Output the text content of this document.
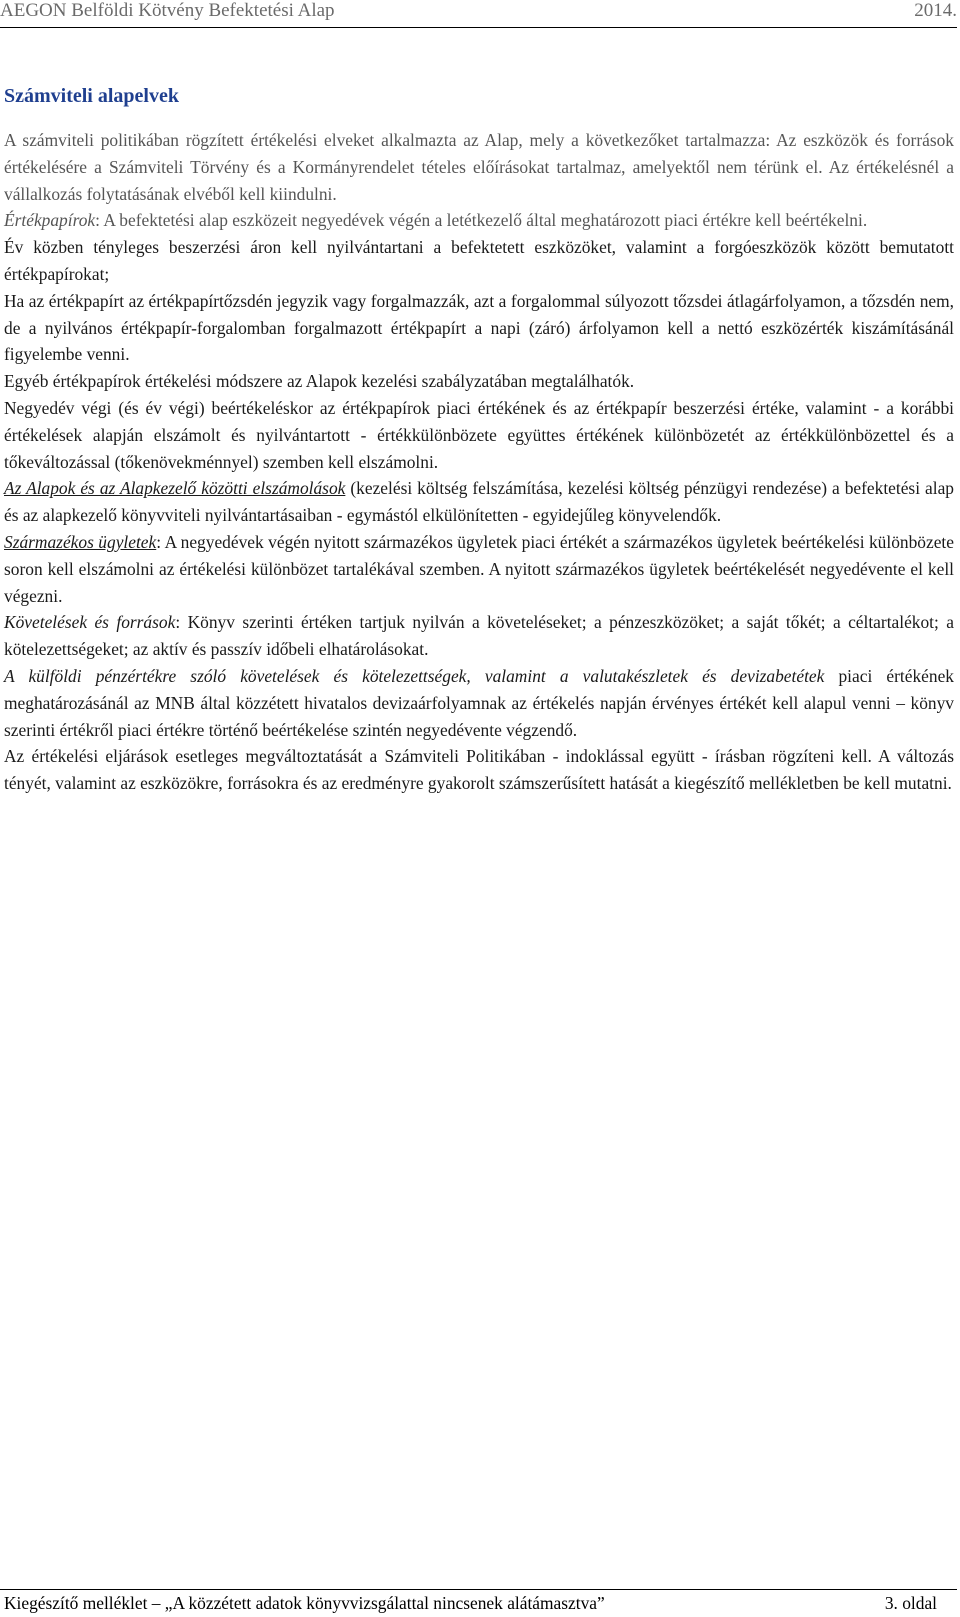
AEGON Belföldi Kötvény Befektetési Alap	2014.
Számviteli alapelvek

A számviteli politikában rögzített értékelési elveket alkalmazta az Alap, mely a következőket tartalmazza: Az eszközök és források értékelésére a Számviteli Törvény és a Kormányrendelet tételes előírásokat tartalmaz, amelyektől nem térünk el. Az értékelésnél a vállalkozás folytatásának elvéből kell kiindulni.

Értékpapírok: A befektetési alap eszközeit negyedévek végén a letétkezelő által meghatározott piaci értékre kell beértékelni.

Év közben tényleges beszerzési áron kell nyilvántartani a befektetett eszközöket, valamint a forgóeszközök között bemutatott értékpapírokat;

Ha az értékpapírt az értékpapírtőzsdén jegyzik vagy forgalmazzák, azt a forgalommal súlyozott tőzsdei átlagárfolyamon, a tőzsdén nem, de a nyilvános értékpapír-forgalomban forgalmazott értékpapírt a napi (záró) árfolyamon kell a nettó eszközérték kiszámításánál figyelembe venni.

Egyéb értékpapírok értékelési módszere az Alapok kezelési szabályzatában megtalálhatók.

Negyedév végi (és év végi) beértékeléskor az értékpapírok piaci értékének és az értékpapír beszerzési értéke, valamint - a korábbi értékelések alapján elszámolt és nyilvántartott - értékkülönbözete együttes értékének különbözetét az értékkülönbözettel és a tőkeváltozással (tőkenövekménnyel) szemben kell elszámolni.

Az Alapok és az Alapkezelő közötti elszámolások (kezelési költség felszámítása, kezelési költség pénzügyi rendezése) a befektetési alap és az alapkezelő könyvviteli nyilvántartásaiban - egymástól elkülönítetten - egyidejűleg könyvelendők.

Származékos ügyletek: A negyedévek végén nyitott származékos ügyletek piaci értékét a származékos ügyletek beértékelési különbözete soron kell elszámolni az értékelési különbözet tartalékával szemben. A nyitott származékos ügyletek beértékelését negyedévente el kell végezni.

Követelések és források: Könyv szerinti értéken tartjuk nyilván a követeléseket; a pénzeszközöket; a saját tőkét; a céltartalékot; a kötelezettségeket; az aktív és passzív időbeli elhatárolásokat.

A külföldi pénzértékre szóló követelések és kötelezettségek, valamint a valutakészletek és devizabetétek piaci értékének meghatározásánál az MNB által közzétett hivatalos devizaárfolyamnak az értékelés napján érvényes értékét kell alapul venni – könyv szerinti értékről piaci értékre történő beértékelése szintén negyedévente végzendő.

Az értékelési eljárások esetleges megváltoztatását a Számviteli Politikában - indoklással együtt - írásban rögzíteni kell. A változás tényét, valamint az eszközökre, forrásokra és az eredményre gyakorolt számszerűsített hatását a kiegészítő mellékletben be kell mutatni.

Kiegészítő melléklet – „A közzétett adatok könyvvizsgálattal nincsenek alátámasztva”	3. oldal
